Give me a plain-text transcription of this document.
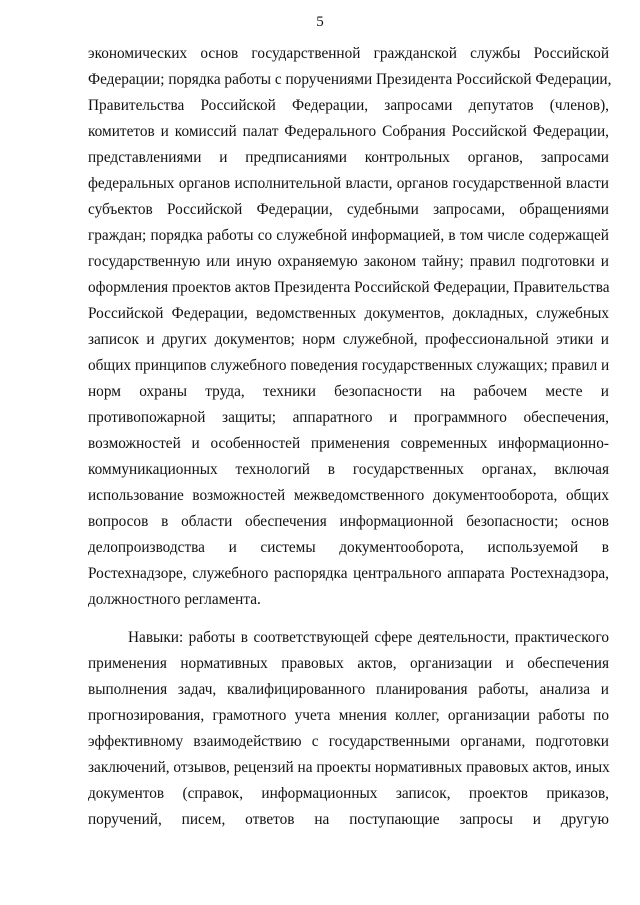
5
экономических основ государственной гражданской службы Российской
Федерации; порядка работы с поручениями Президента Российской Федерации,
Правительства Российской Федерации, запросами депутатов (членов),
комитетов и комиссий палат Федерального Собрания Российской Федерации,
представлениями и предписаниями контрольных органов, запросами
федеральных органов исполнительной власти, органов государственной власти
субъектов Российской Федерации, судебными запросами, обращениями
граждан; порядка работы со служебной информацией, в том числе содержащей
государственную или иную охраняемую законом тайну; правил подготовки и
оформления проектов актов Президента Российской Федерации, Правительства
Российской Федерации, ведомственных документов, докладных, служебных
записок и других документов; норм служебной, профессиональной этики и
общих принципов служебного поведения государственных служащих; правил и
норм охраны труда, техники безопасности на рабочем месте и
противопожарной защиты; аппаратного и программного обеспечения,
возможностей и особенностей применения современных информационно-
коммуникационных технологий в государственных органах, включая
использование возможностей межведомственного документооборота, общих
вопросов в области обеспечения информационной безопасности; основ
делопроизводства и системы документооборота, используемой в
Ростехнадзоре, служебного распорядка центрального аппарата Ростехнадзора,
должностного регламента.
Навыки: работы в соответствующей сфере деятельности, практического
применения нормативных правовых актов, организации и обеспечения
выполнения задач, квалифицированного планирования работы, анализа и
прогнозирования, грамотного учета мнения коллег, организации работы по
эффективному взаимодействию с государственными органами, подготовки
заключений, отзывов, рецензий на проекты нормативных правовых актов, иных
документов (справок, информационных записок, проектов приказов,
поручений, писем, ответов на поступающие запросы и другую
